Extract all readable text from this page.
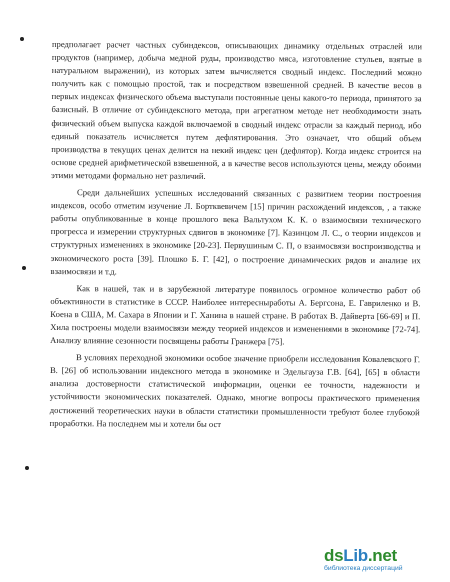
предполагает расчет частных субиндексов, описывающих динамику отдельных отраслей или продуктов (например, добыча медной руды, производство мяса, изготовление стульев, взятые в натуральном выражении), из которых затем вычисляется сводный индекс. Последний можно получить как с помощью простой, так и посредством взвешенной средней. В качестве весов в первых индексах физического объема выступали постоянные цены какого-то периода, принятого за базисный. В отличие от субиндексного метода, при агрегатном методе нет необходимости знать физический объем выпуска каждой включаемой в сводный индекс отрасли за каждый период, ибо единый показатель исчисляется путем дефлятирования. Это означает, что общий объем производства в текущих ценах делится на некий индекс цен (дефлятор). Когда индекс строится на основе средней арифметической взвешенной, а в качестве весов используются цены, между обоими этими методами формально нет различий.

Среди дальнейших успешных исследований связанных с развитием теории построения индексов, особо отметим изучение Л. Бортквевичем [15] причин расхождений индексов, , а также работы опубликованные в конце прошлого века Вальтухом К. К. о взаимосвязи технического прогресса и измерении структурных сдвигов в экономике [7]. Казинцом Л. С., о теории индексов и структурных изменениях в экономике [20-23]. Первушиным С. П, о взаимосвязи воспроизводства и экономического роста [39]. Плошко Б. Г. [42], о построение динамических рядов и анализе их взаимосвязи и т.д.

Как в нашей, так и в зарубежной литературе появилось огромное количество работ об объективности в статистике в СССР. Наиболее интересныработы А. Бергсона, Е. Гавриленко и В. Коена в США, М. Сахара в Японии и Г. Ханина в нашей стране. В работах В. Дайверта [66-69] и П. Хила построены модели взаимосвязи между теорией индексов и изменениями в экономике [72-74]. Анализу влияние сезонности посвящены работы Гранжера [75].

В условиях переходной экономики особое значение приобрели исследования Ковалевского Г. В. [26] об использовании индексного метода в экономике и Эдельгауза Г.В. [64], [65] в области анализа достоверности статистической информации, оценки ее точности, надежности и устойчивости экономических показателей. Однако, многие вопросы практического применения достижений теоретических науки в области статистики промышленности требуют более глубокой проработки. На последнем мы и хотели бы ост

dsLib.net
библиотека диссертаций
